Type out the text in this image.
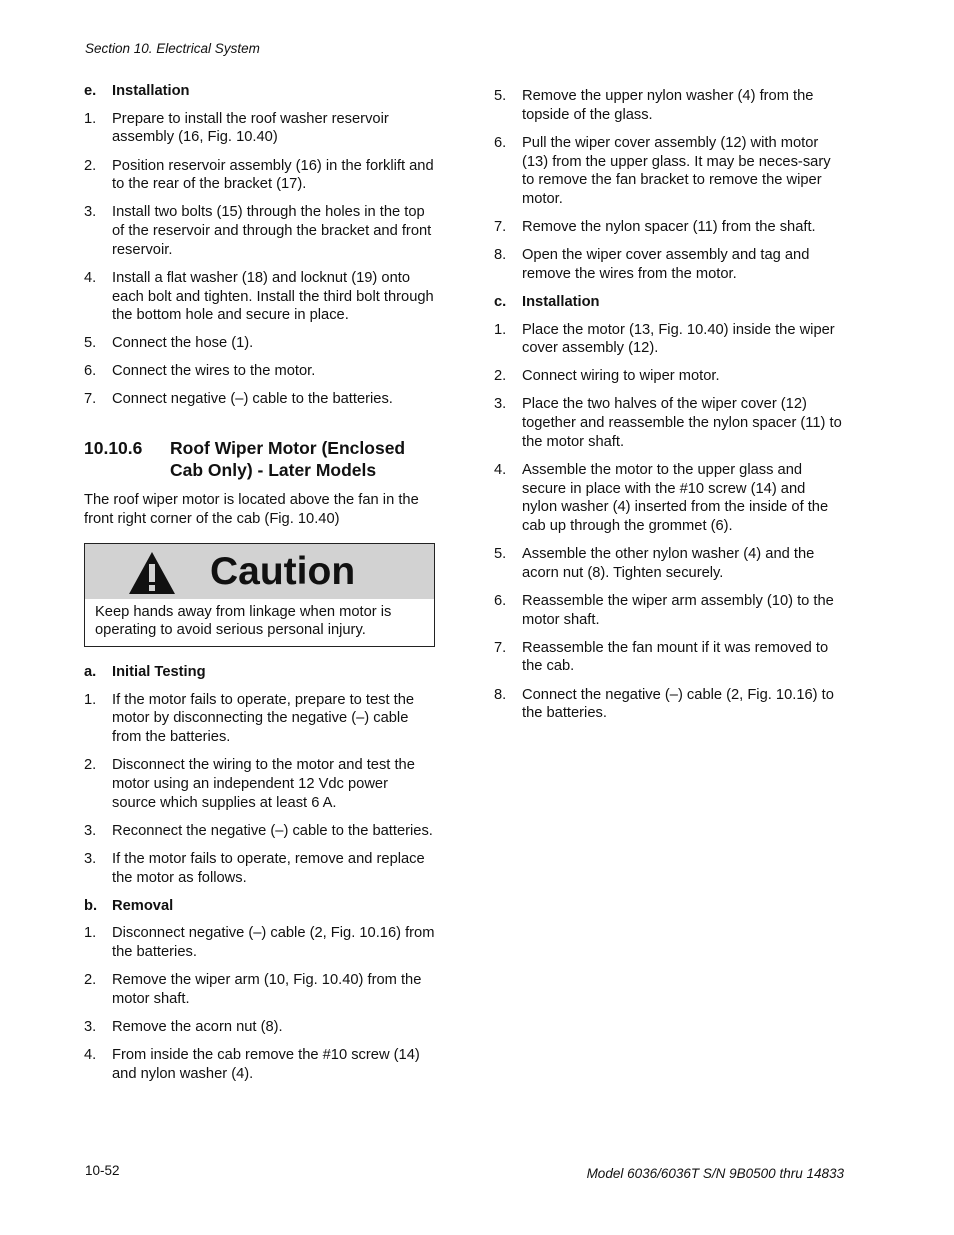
Section 10. Electrical System
e. Installation
1.	Prepare to install the roof washer reservoir assembly (16, Fig. 10.40)
2.	Position reservoir assembly (16) in the forklift and to the rear of the bracket (17).
3.	Install two bolts (15) through the holes in the top of the reservoir and through the bracket and front reservoir.
4.	Install a flat washer (18) and locknut (19) onto each bolt and tighten. Install the third bolt through the bottom hole and secure in place.
5.	Connect the hose (1).
6.	Connect the wires to the motor.
7.	Connect negative (–) cable to the batteries.
10.10.6	Roof Wiper Motor (Enclosed Cab Only) - Later Models

The roof wiper motor is located above the fan in the front right corner of the cab (Fig. 10.40)

Caution
Keep hands away from linkage when motor is operating to avoid serious personal injury.
a. Initial Testing
1.	If the motor fails to operate, prepare to test the motor by disconnecting the negative (–) cable from the batteries.
2.	Disconnect the wiring to the motor and test the motor using an independent 12 Vdc power source which supplies at least 6 A.
3.	Reconnect the negative (–) cable to the batteries.
3.	If the motor fails to operate, remove and replace the motor as follows.
b. Removal
1.	Disconnect negative (–) cable (2, Fig. 10.16) from the batteries.
2.	Remove the wiper arm (10, Fig. 10.40) from the motor shaft.
3.	Remove the acorn nut (8).
4.	From inside the cab remove the #10 screw (14) and nylon washer (4).
5.	Remove the upper nylon washer (4) from the topside of the glass.
6.	Pull the wiper cover assembly (12) with motor (13) from the upper glass. It may be neces-sary to remove the fan bracket to remove the wiper motor.
7.	Remove the nylon spacer (11) from the shaft.
8.	Open the wiper cover assembly and tag and remove the wires from the motor.
c. Installation
1.	Place the motor (13, Fig. 10.40) inside the wiper cover assembly (12).
2.	Connect wiring to wiper motor.
3.	Place the two halves of the wiper cover (12) together and reassemble the nylon spacer (11) to the motor shaft.
4.	Assemble the motor to the upper glass and secure in place with the #10 screw (14) and nylon washer (4) inserted from the inside of the cab up through the grommet (6).
5.	Assemble the other nylon washer (4) and the acorn nut (8). Tighten securely.
6.	Reassemble the wiper arm assembly (10) to the motor shaft.
7.	Reassemble the fan mount if it was removed to the cab.
8.	Connect the negative (–) cable (2, Fig. 10.16) to the batteries.
10-52	Model 6036/6036T S/N 9B0500 thru 14833
